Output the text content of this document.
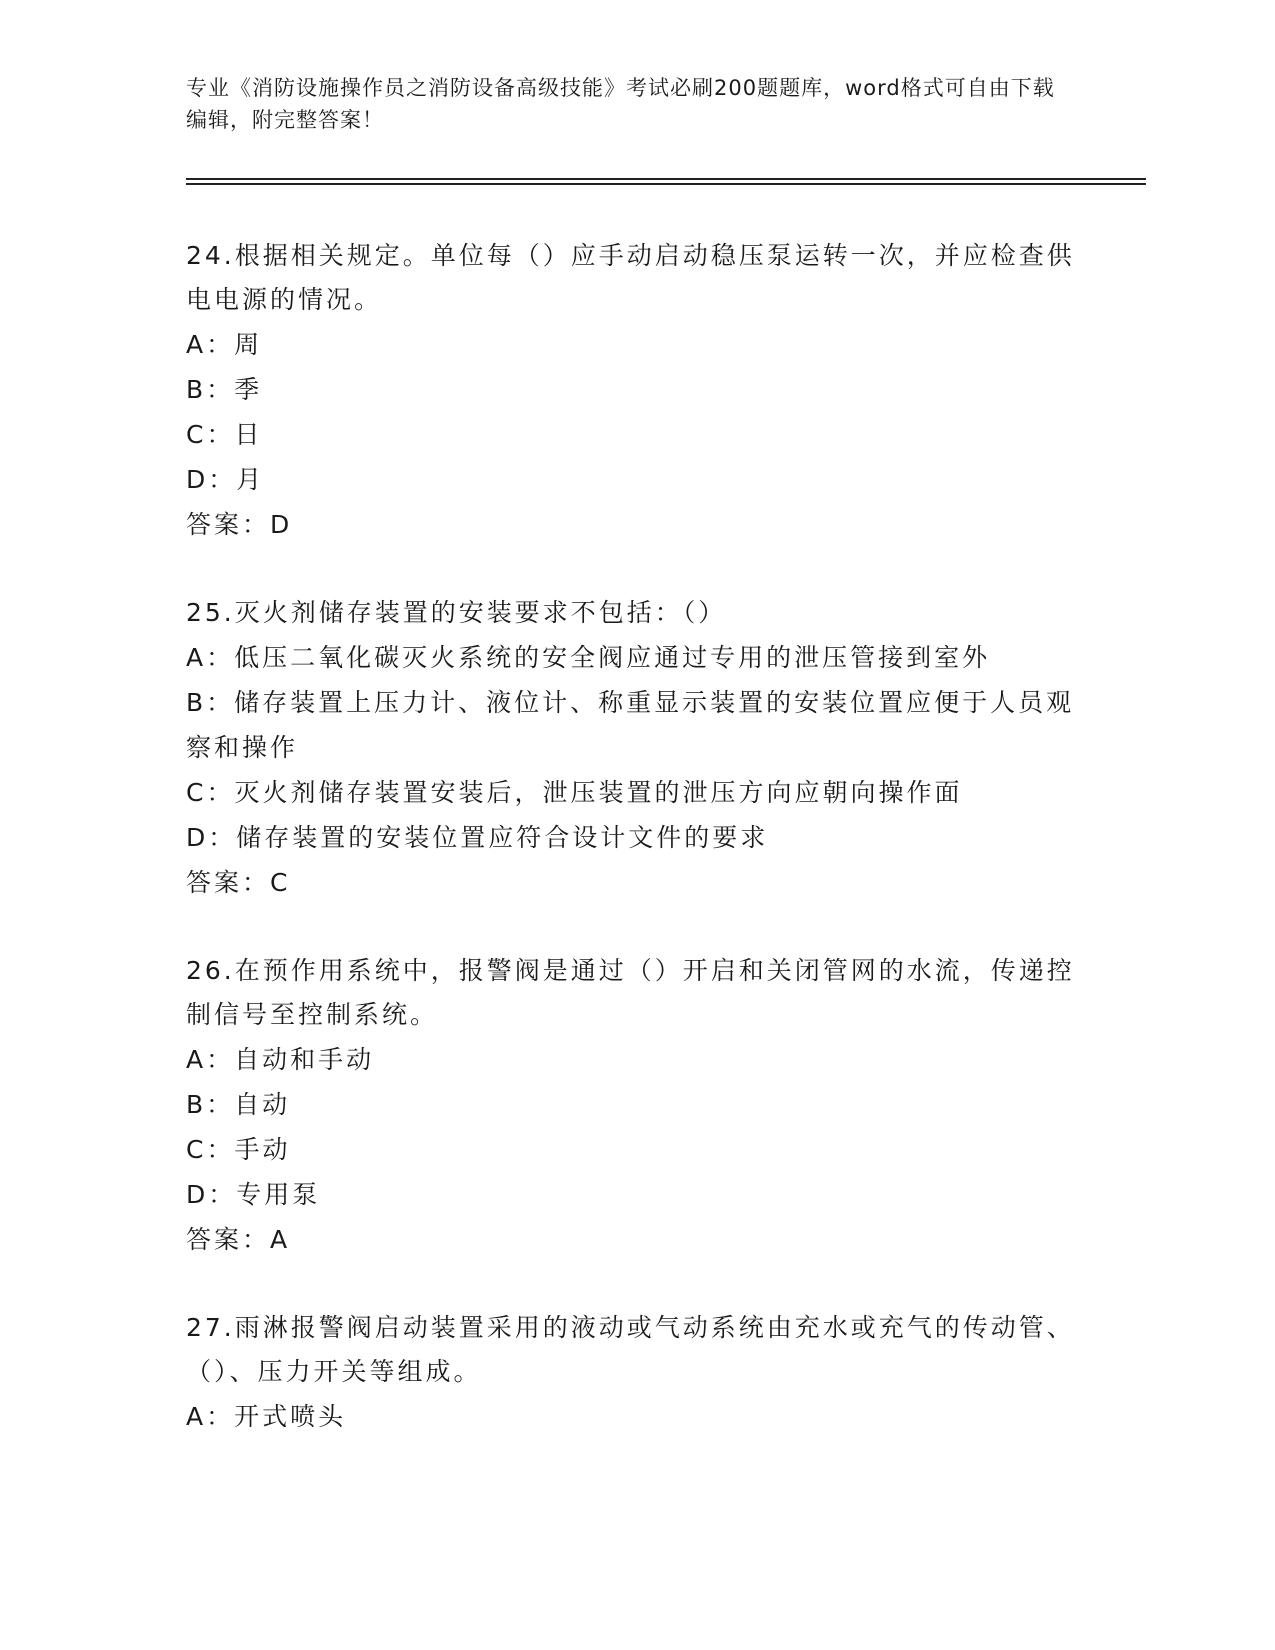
专业《消防设施操作员之消防设备高级技能》考试必刷200题题库，word格式可自由下载编辑，附完整答案！
24.根据相关规定。单位每（）应手动启动稳压泵运转一次，并应检查供电电源的情况。
A：周
B：季
C：日
D：月
答案：D
25.灭火剂储存装置的安装要求不包括：（）
A：低压二氧化碳灭火系统的安全阀应通过专用的泄压管接到室外
B：储存装置上压力计、液位计、称重显示装置的安装位置应便于人员观察和操作
C：灭火剂储存装置安装后，泄压装置的泄压方向应朝向操作面
D：储存装置的安装位置应符合设计文件的要求
答案：C
26.在预作用系统中，报警阀是通过（）开启和关闭管网的水流，传递控制信号至控制系统。
A：自动和手动
B：自动
C：手动
D：专用泵
答案：A
27.雨淋报警阀启动装置采用的液动或气动系统由充水或充气的传动管、（）、压力开关等组成。
A：开式喷头
